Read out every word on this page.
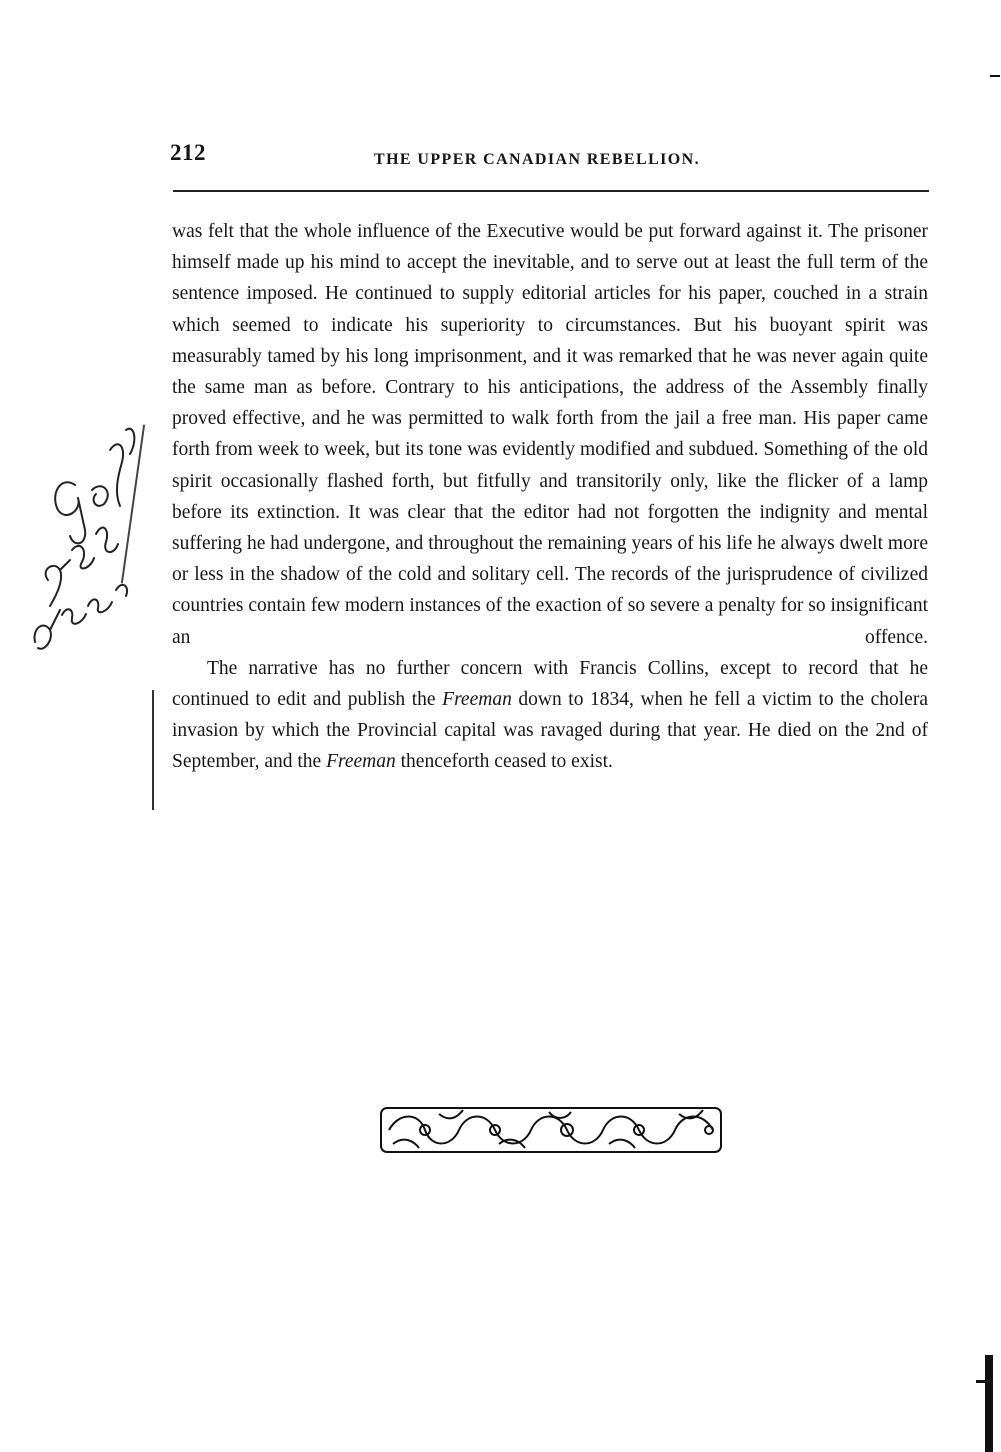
212	THE UPPER CANADIAN REBELLION.

was felt that the whole influence of the Executive would be put forward against it. The prisoner himself made up his mind to accept the inevitable, and to serve out at least the full term of the sentence imposed. He continued to supply editorial articles for his paper, couched in a strain which seemed to indicate his superiority to circumstances. But his buoyant spirit was measurably tamed by his long imprisonment, and it was remarked that he was never again quite the same man as before. Contrary to his anticipations, the address of the Assembly finally proved effective, and he was permitted to walk forth from the jail a free man. His paper came forth from week to week, but its tone was evidently modified and subdued. Something of the old spirit occasionally flashed forth, but fitfully and transitorily only, like the flicker of a lamp before its extinction. It was clear that the editor had not forgotten the indignity and mental suffering he had undergone, and throughout the remaining years of his life he always dwelt more or less in the shadow of the cold and solitary cell. The records of the jurisprudence of civilized countries contain few modern instances of the exaction of so severe a penalty for so insignificant an offence.

The narrative has no further concern with Francis Collins, except to record that he continued to edit and publish the Freeman down to 1834, when he fell a victim to the cholera invasion by which the Provincial capital was ravaged during that year. He died on the 2nd of September, and the Freeman thenceforth ceased to exist.
